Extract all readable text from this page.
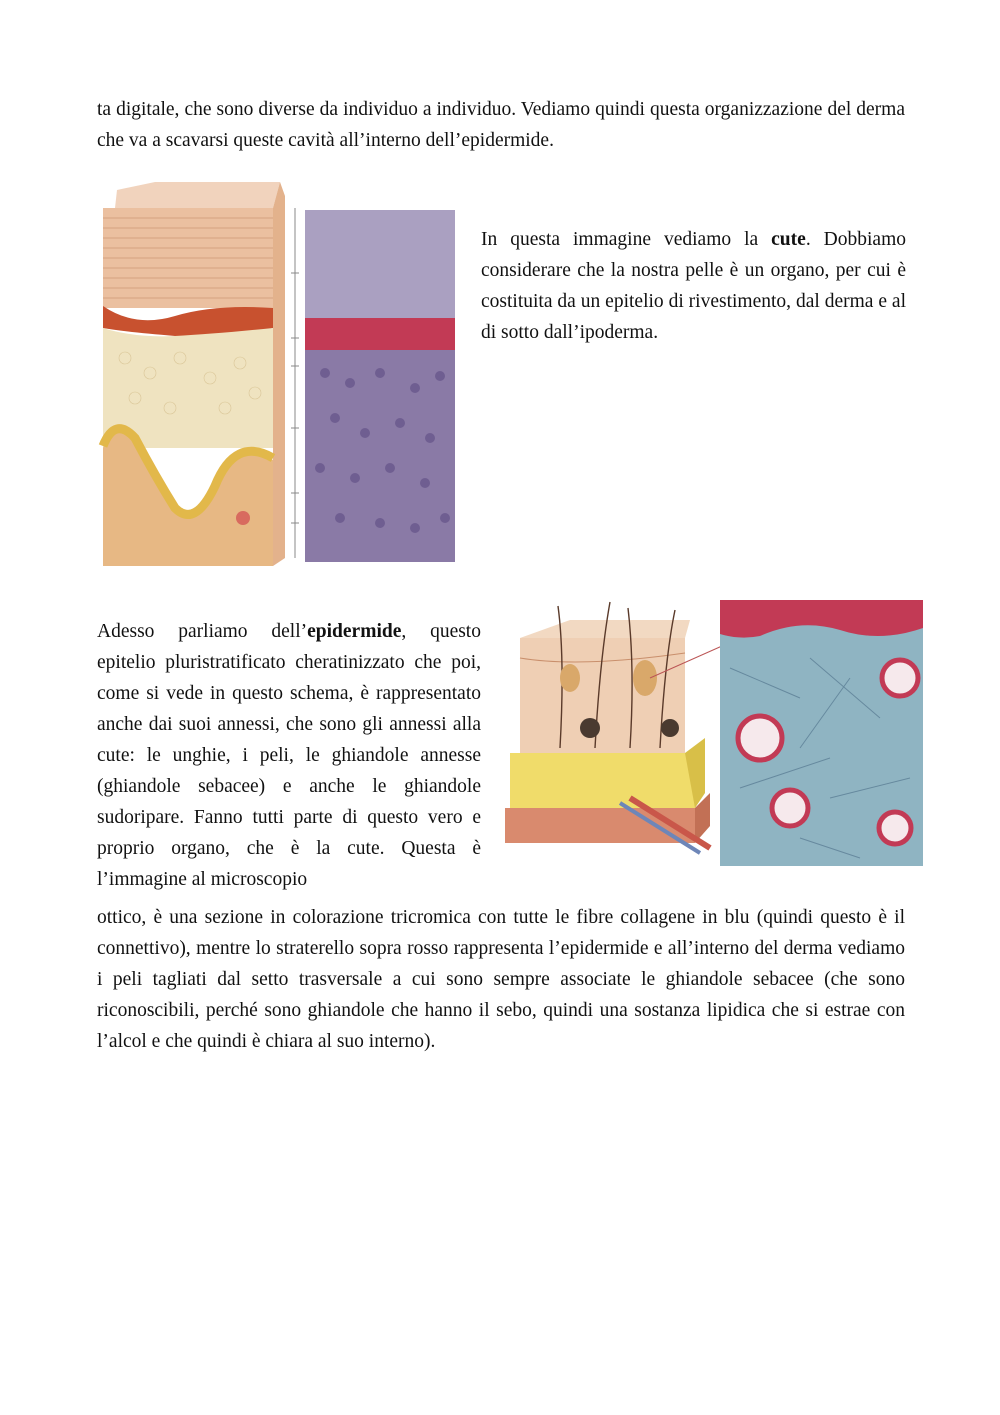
ta digitale, che sono diverse da individuo a individuo. Vediamo quindi questa organizzazione del derma che va a scavarsi queste cavità all’interno dell’epidermide.

In questa immagine vediamo la cute. Dobbiamo considerare che la nostra pelle è un organo, per cui è costituita da un epitelio di rivestimento, dal derma e al di sotto dall’ipoderma.

Adesso parliamo dell’epidermide, questo epitelio pluristratificato cheratinizzato che poi, come si vede in questo schema, è rappresentato anche dai suoi annessi, che sono gli annessi alla cute: le unghie, i peli, le ghiandole annesse (ghiandole sebacee) e anche le ghiandole sudoripare. Fanno tutti parte di questo vero e proprio organo, che è la cute. Questa è l’immagine al microscopio

ottico, è una sezione in colorazione tricromica con tutte le fibre collagene in blu (quindi questo è il connettivo), mentre lo straterello sopra rosso rappresenta l’epidermide e all’interno del derma vediamo i peli tagliati dal setto trasversale a cui sono sempre associate le ghiandole sebacee (che sono riconoscibili, perché sono ghiandole che hanno il sebo, quindi una sostanza lipidica che si estrae con l’alcol e che quindi è chiara al suo interno).
